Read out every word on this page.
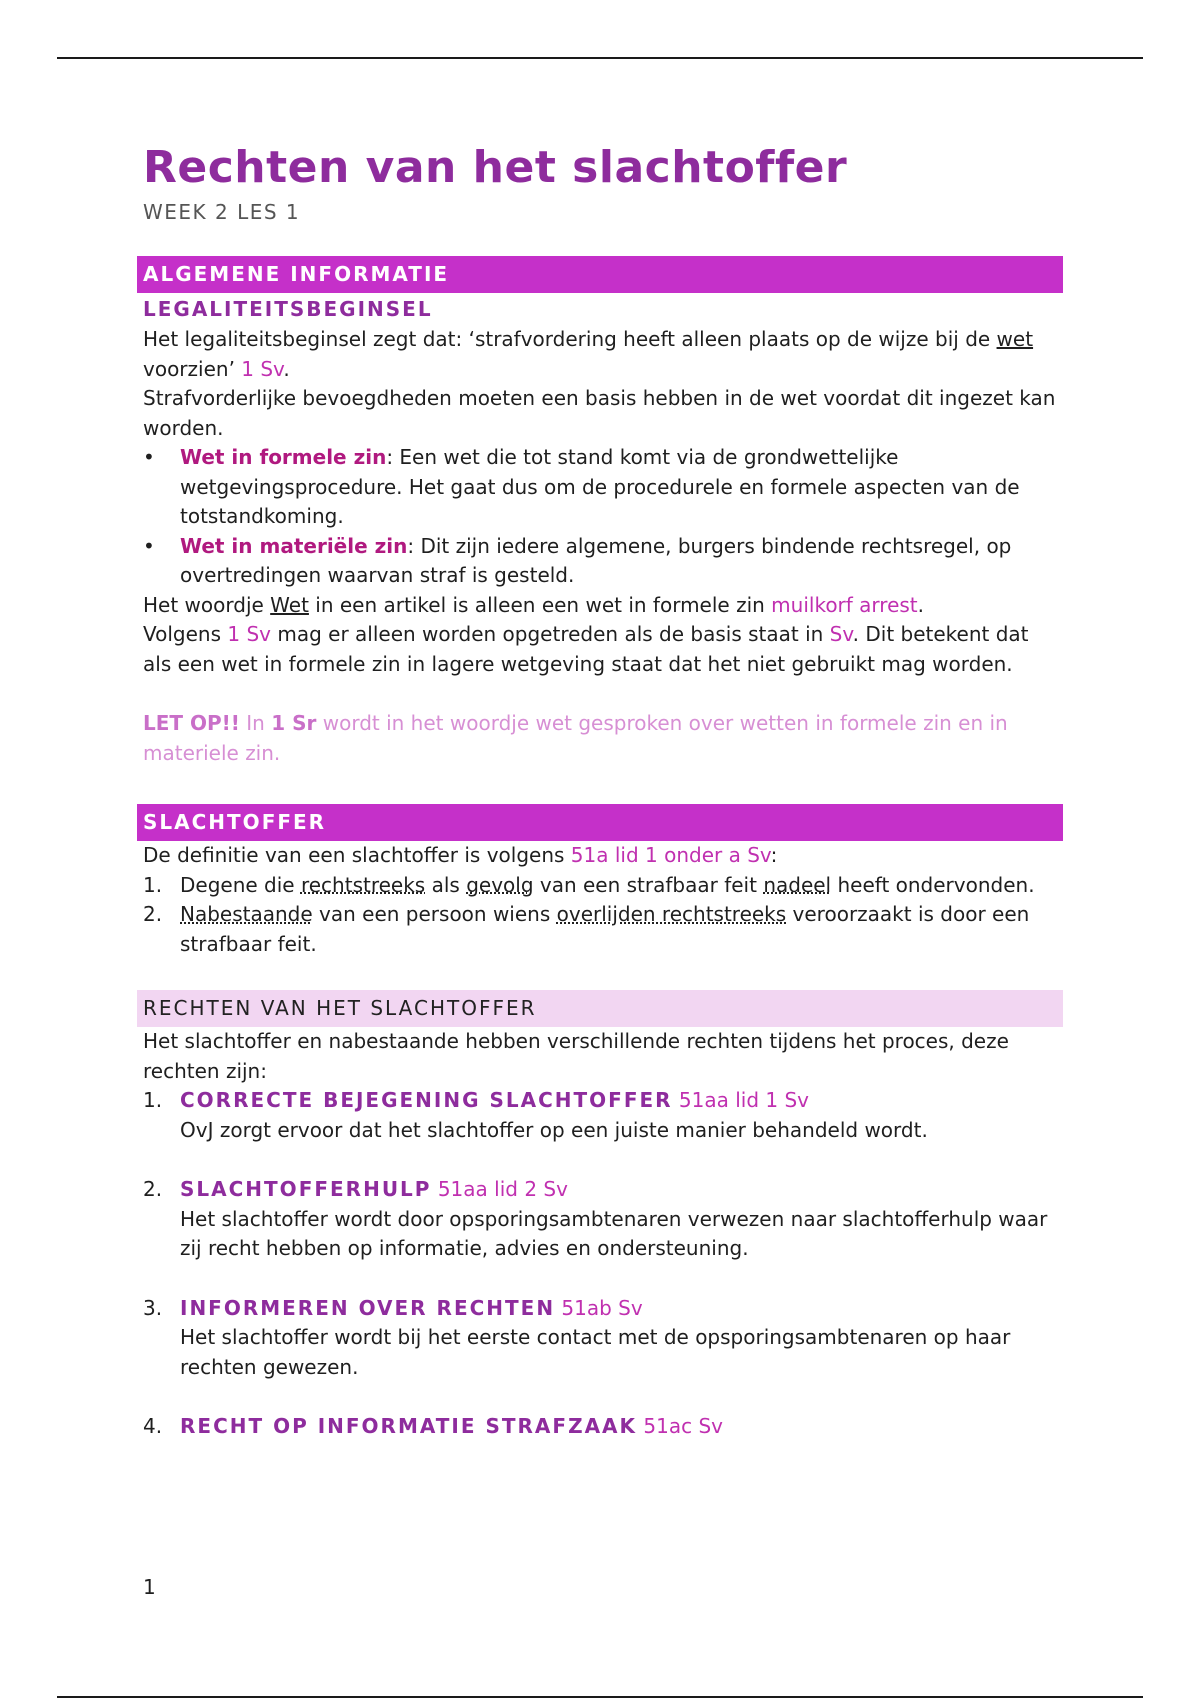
Rechten van het slachtoffer
WEEK 2 LES 1
ALGEMENE INFORMATIE
LEGALITEITSBEGINSEL

Het legaliteitsbeginsel zegt dat: ‘strafvordering heeft alleen plaats op de wijze bij de wet voorzien’ 1 Sv.

Strafvorderlijke bevoegdheden moeten een basis hebben in de wet voordat dit ingezet kan worden.

• Wet in formele zin: Een wet die tot stand komt via de grondwettelijke wetgevingsprocedure. Het gaat dus om de procedurele en formele aspecten van de totstandkoming.
• Wet in materiële zin: Dit zijn iedere algemene, burgers bindende rechtsregel, op overtredingen waarvan straf is gesteld.

Het woordje Wet in een artikel is alleen een wet in formele zin muilkorf arrest.

Volgens 1 Sv mag er alleen worden opgetreden als de basis staat in Sv. Dit betekent dat als een wet in formele zin in lagere wetgeving staat dat het niet gebruikt mag worden.

LET OP!! In 1 Sr wordt in het woordje wet gesproken over wetten in formele zin en in materiele zin.

SLACHTOFFER

De definitie van een slachtoffer is volgens 51a lid 1 onder a Sv:

1. Degene die rechtstreeks als gevolg van een strafbaar feit nadeel heeft ondervonden.
2. Nabestaande van een persoon wiens overlijden rechtstreeks veroorzaakt is door een strafbaar feit.
RECHTEN VAN HET SLACHTOFFER

Het slachtoffer en nabestaande hebben verschillende rechten tijdens het proces, deze rechten zijn:

1. CORRECTE BEJEGENING SLACHTOFFER 51aa lid 1 Sv
OvJ zorgt ervoor dat het slachtoffer op een juiste manier behandeld wordt.
2. SLACHTOFFERHULP 51aa lid 2 Sv
Het slachtoffer wordt door opsporingsambtenaren verwezen naar slachtofferhulp waar zij recht hebben op informatie, advies en ondersteuning.
3. INFORMEREN OVER RECHTEN 51ab Sv
Het slachtoffer wordt bij het eerste contact met de opsporingsambtenaren op haar rechten gewezen.
4. RECHT OP INFORMATIE STRAFZAAK 51ac Sv
1
